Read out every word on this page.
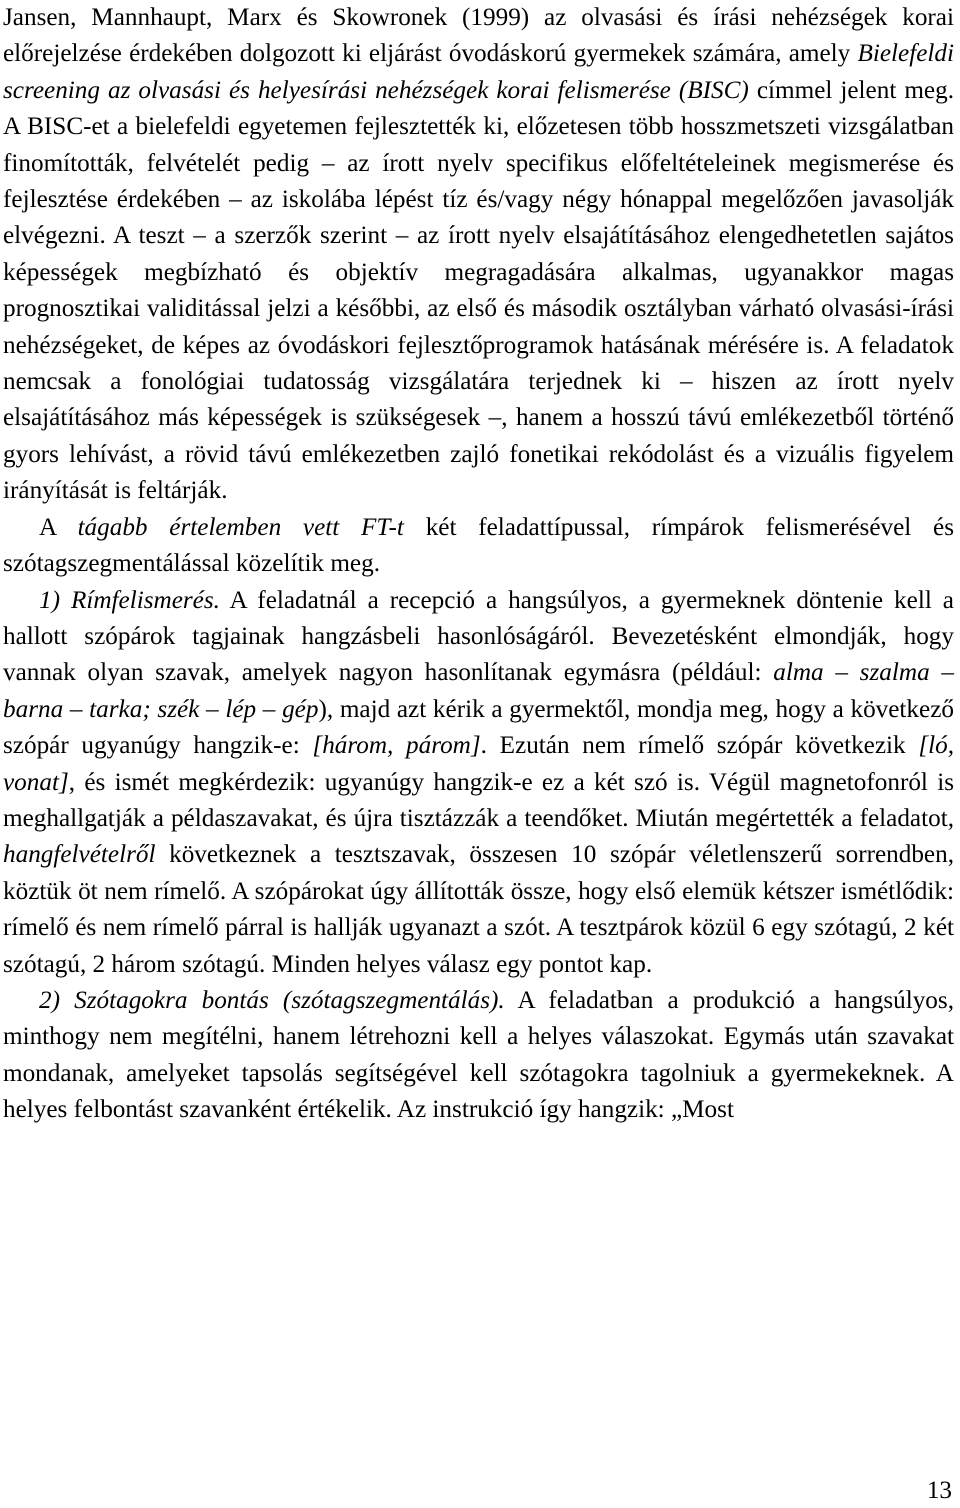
Jansen, Mannhaupt, Marx és Skowronek (1999) az olvasási és írási nehézségek korai előrejelzése érdekében dolgozott ki eljárást óvodáskorú gyermekek számára, amely Bielefeldi screening az olvasási és helyesírási nehézségek korai felismerése (BISC) címmel jelent meg. A BISC-et a bielefeldi egyetemen fejlesztették ki, előzetesen több hosszmetszeti vizsgálatban finomították, felvételét pedig – az írott nyelv specifikus előfeltételeinek megismerése és fejlesztése érdekében – az iskolába lépést tíz és/vagy négy hónappal megelőzően javasolják elvégezni. A teszt – a szerzők szerint – az írott nyelv elsajátításához elengedhetetlen sajátos képességek megbízható és objektív megragadására alkalmas, ugyanakkor magas prognosztikai validitással jelzi a későbbi, az első és második osztályban várható olvasási-írási nehézségeket, de képes az óvodáskori fejlesztőprogramok hatásának mérésére is. A feladatok nemcsak a fonológiai tudatosság vizsgálatára terjednek ki – hiszen az írott nyelv elsajátításához más képességek is szükségesek –, hanem a hosszú távú emlékezetből történő gyors lehívást, a rövid távú emlékezetben zajló fonetikai rekódolást és a vizuális figyelem irányítását is feltárják.

A tágabb értelemben vett FT-t két feladattípussal, rímpárok felismerésével és szótagszegmentálással közelítik meg.

1) Rímfelismerés. A feladatnál a recepció a hangsúlyos, a gyermeknek döntenie kell a hallott szópárok tagjainak hangzásbeli hasonlóságáról. Bevezetésként elmondják, hogy vannak olyan szavak, amelyek nagyon hasonlítanak egymásra (például: alma – szalma – barna – tarka; szék – lép – gép), majd azt kérik a gyermektől, mondja meg, hogy a következő szópár ugyanúgy hangzik-e: [három, párom]. Ezután nem rímelő szópár következik [ló, vonat], és ismét megkérdezik: ugyanúgy hangzik-e ez a két szó is. Végül magnetofonról is meghallgatják a példaszavakat, és újra tisztázzák a teendőket. Miután megértették a feladatot, hangfelvételről következnek a tesztszavak, összesen 10 szópár véletlenszerű sorrendben, köztük öt nem rímelő. A szópárokat úgy állították össze, hogy első elemük kétszer ismétlődik: rímelő és nem rímelő párral is hallják ugyanazt a szót. A tesztpárok közül 6 egy szótagú, 2 két szótagú, 2 három szótagú. Minden helyes válasz egy pontot kap.

2) Szótagokra bontás (szótagszegmentálás). A feladatban a produkció a hangsúlyos, minthogy nem megítélni, hanem létrehozni kell a helyes válaszokat. Egymás után szavakat mondanak, amelyeket tapsolás segítségével kell szótagokra tagolniuk a gyermekeknek. A helyes felbontást szavanként értékelik. Az instrukció így hangzik: „Most

13
